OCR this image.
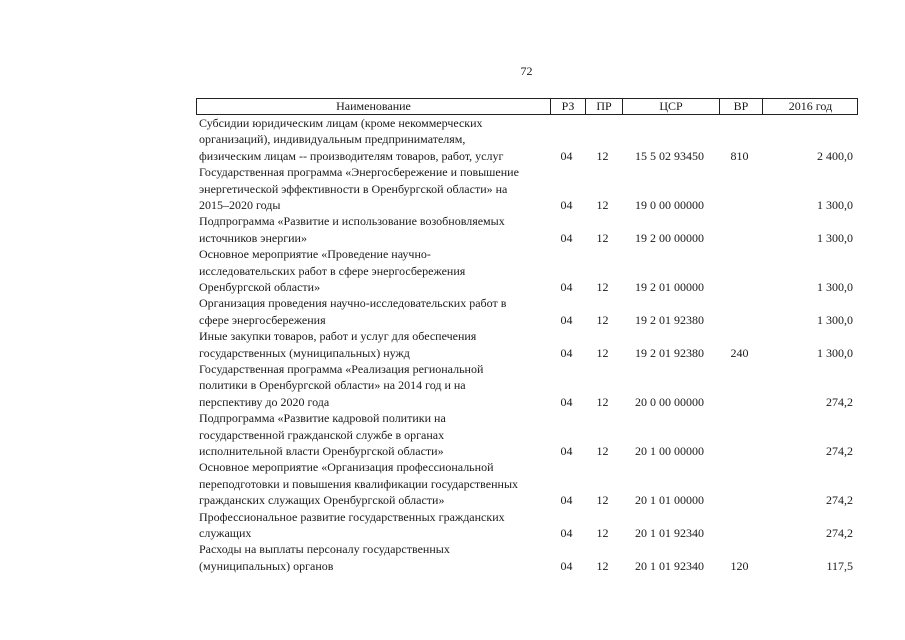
72
Наименование	РЗ	ПР	ЦСР	ВР	2016 год
Субсидии юридическим лицам (кроме некоммерческих
организаций), индивидуальным предпринимателям,
физическим лицам -- производителям товаров, работ, услуг	04	12	15 5 02 93450	810	2 400,0
Государственная программа «Энергосбережение и повышение
энергетической эффективности в Оренбургской области» на
2015–2020 годы	04	12	19 0 00 00000	1 300,0
Подпрограмма «Развитие и использование возобновляемых
источников энергии»	04	12	19 2 00 00000	1 300,0
Основное мероприятие «Проведение научно-
исследовательских работ в сфере энергосбережения
Оренбургской области»	04	12	19 2 01 00000	1 300,0
Организация проведения научно-исследовательских работ в
сфере энергосбережения	04	12	19 2 01 92380	1 300,0
Иные закупки товаров, работ и услуг для обеспечения
государственных (муниципальных) нужд	04	12	19 2 01 92380	240	1 300,0
Государственная программа «Реализация региональной
политики в Оренбургской области» на 2014 год и на
перспективу до 2020 года	04	12	20 0 00 00000	274,2
Подпрограмма «Развитие кадровой политики на
государственной гражданской службе в органах
исполнительной власти Оренбургской области»	04	12	20 1 00 00000	274,2
Основное мероприятие «Организация профессиональной
переподготовки и повышения квалификации государственных
гражданских служащих Оренбургской области»	04	12	20 1 01 00000	274,2
Профессиональное развитие государственных гражданских
служащих	04	12	20 1 01 92340	274,2
Расходы на выплаты персоналу государственных
(муниципальных) органов	04	12	20 1 01 92340	120	117,5
